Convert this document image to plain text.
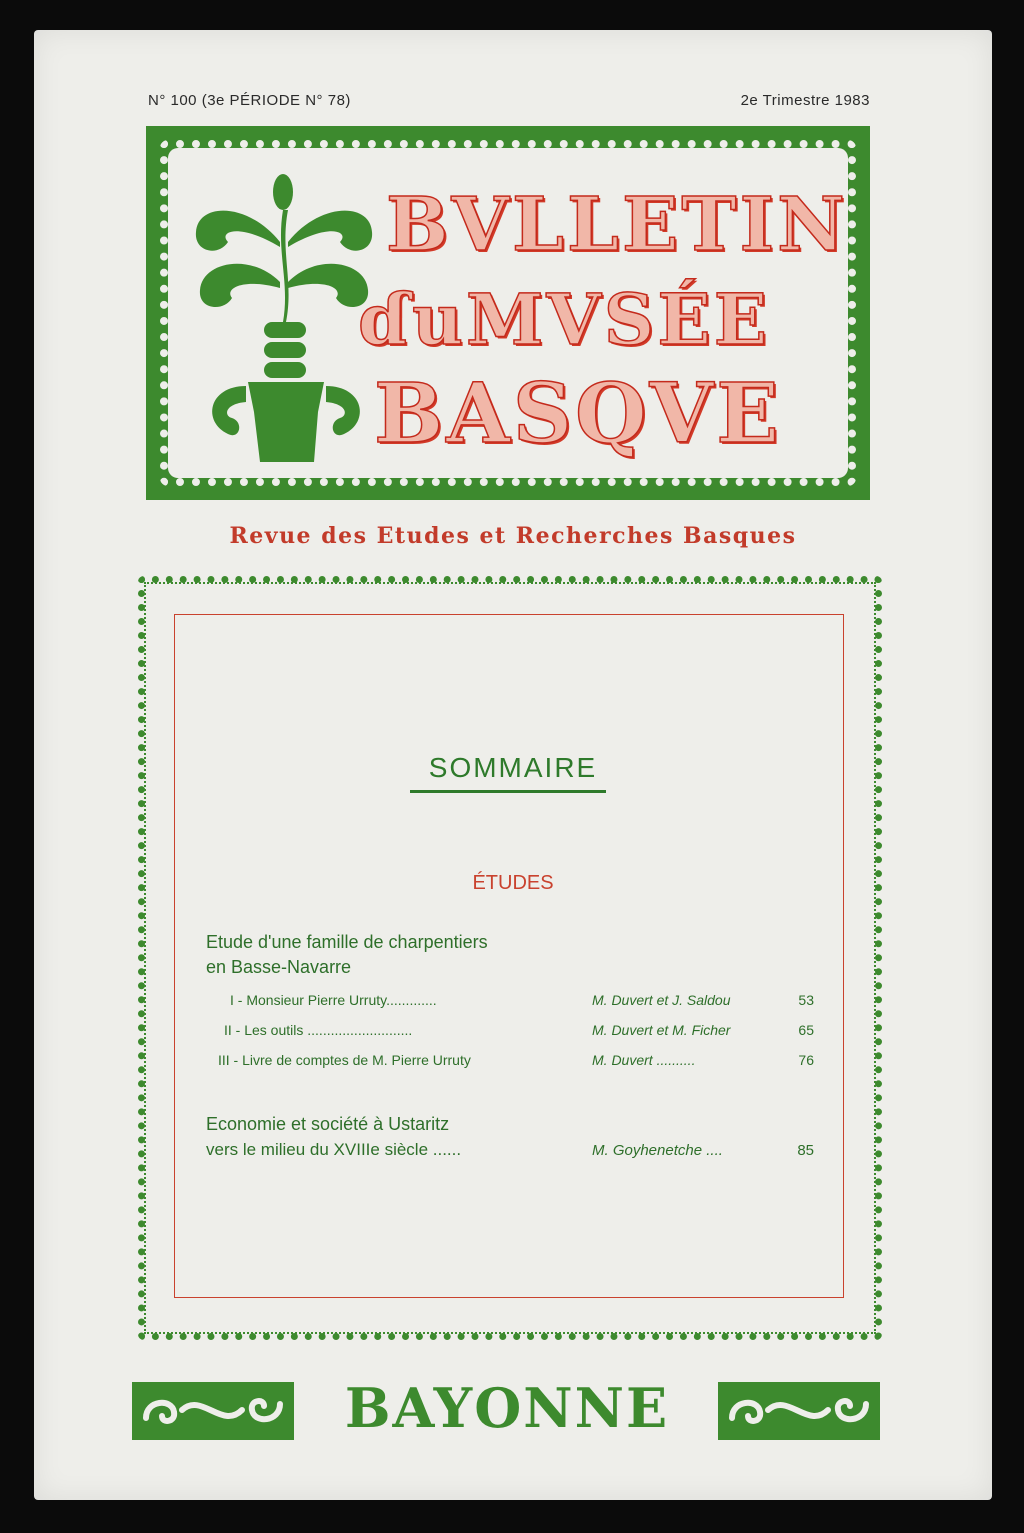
N° 100 (3e PÉRIODE N° 78)	2e Trimestre 1983
BVLLETIN
ɗuMVSÉE
BASQVE
Revue des Etudes et Recherches Basques
SOMMAIRE
ÉTUDES
Etude d'une famille de charpentiers
en Basse-Navarre
I - Monsieur Pierre Urruty.............	M. Duvert et J. Saldou	53
II - Les outils ...........................	M. Duvert et M. Ficher	65
III - Livre de comptes de M. Pierre Urruty	M. Duvert ..........	76
Economie et société à Ustaritz
vers le milieu du XVIIIe siècle ......	M. Goyhenetche ....	85
BAYONNE
